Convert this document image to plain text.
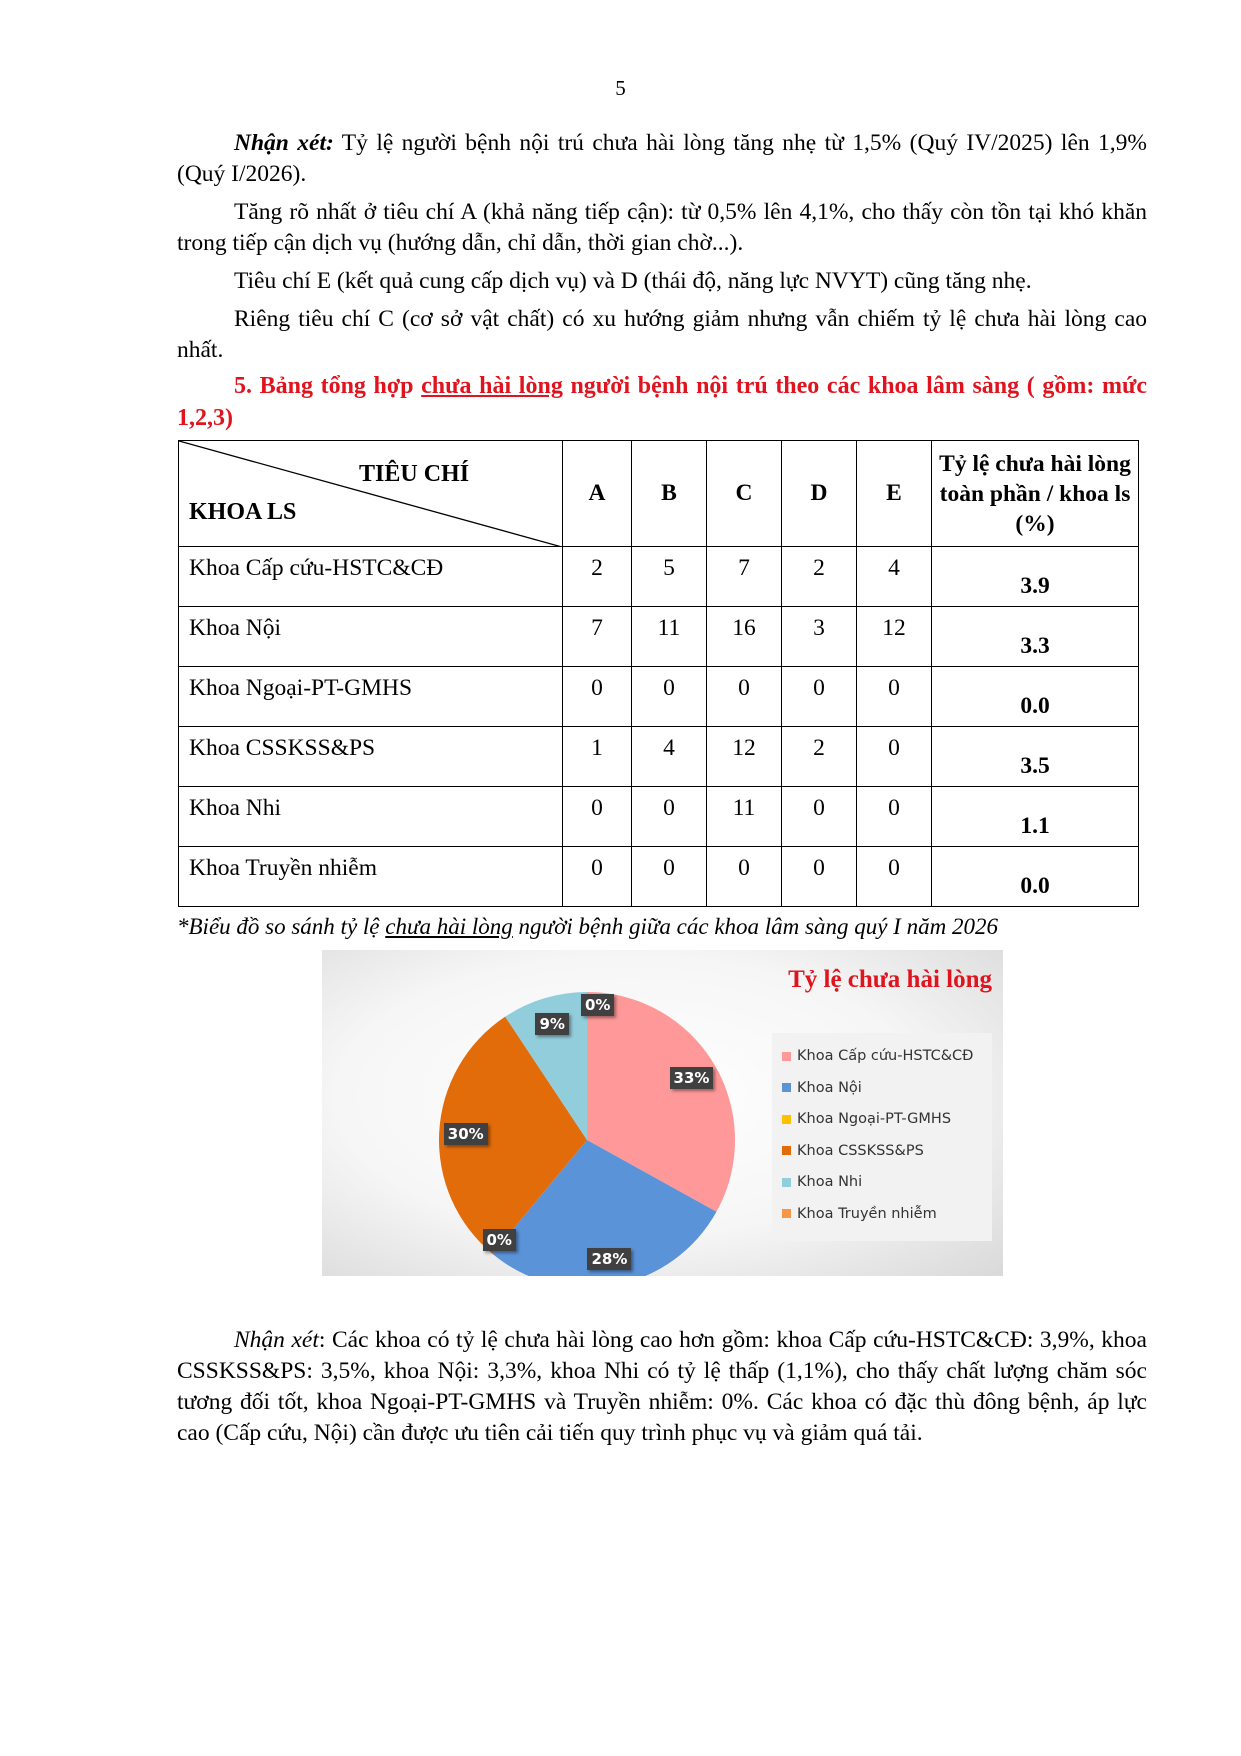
5

Nhận xét: Tỷ lệ người bệnh nội trú chưa hài lòng tăng nhẹ từ 1,5% (Quý IV/2025) lên 1,9% (Quý I/2026).

Tăng rõ nhất ở tiêu chí A (khả năng tiếp cận): từ 0,5% lên 4,1%, cho thấy còn tồn tại khó khăn trong tiếp cận dịch vụ (hướng dẫn, chỉ dẫn, thời gian chờ...).

Tiêu chí E (kết quả cung cấp dịch vụ) và D (thái độ, năng lực NVYT) cũng tăng nhẹ.

Riêng tiêu chí C (cơ sở vật chất) có xu hướng giảm nhưng vẫn chiếm tỷ lệ chưa hài lòng cao nhất.

5. Bảng tổng hợp chưa hài lòng người bệnh nội trú theo các khoa lâm sàng ( gồm: mức 1,2,3)

TIÊU CHÍ
KHOA LS	A	B	C	D	E	Tỷ lệ chưa hài lòng toàn phần / khoa ls (%)
Khoa Cấp cứu-HSTC&CĐ	2	5	7	2	4	3.9
Khoa Nội	7	11	16	3	12	3.3
Khoa Ngoại-PT-GMHS	0	0	0	0	0	0.0
Khoa CSSKSS&PS	1	4	12	2	0	3.5
Khoa Nhi	0	0	11	0	0	1.1
Khoa Truyền nhiễm	0	0	0	0	0	0.0

*Biểu đồ so sánh tỷ lệ chưa hài lòng người bệnh giữa các khoa lâm sàng quý I năm 2026

Tỷ lệ chưa hài lòng
Khoa Cấp cứu-HSTC&CĐ
Khoa Nội
Khoa Ngoại-PT-GMHS
Khoa CSSKSS&PS
Khoa Nhi
Khoa Truyền nhiễm
33%
28%
0%
30%
9%
0%

Nhận xét: Các khoa có tỷ lệ chưa hài lòng cao hơn gồm: khoa Cấp cứu-HSTC&CĐ: 3,9%, khoa CSSKSS&PS: 3,5%, khoa Nội: 3,3%, khoa Nhi có tỷ lệ thấp (1,1%), cho thấy chất lượng chăm sóc tương đối tốt, khoa Ngoại-PT-GMHS và Truyền nhiễm: 0%. Các khoa có đặc thù đông bệnh, áp lực cao (Cấp cứu, Nội) cần được ưu tiên cải tiến quy trình phục vụ và giảm quá tải.
